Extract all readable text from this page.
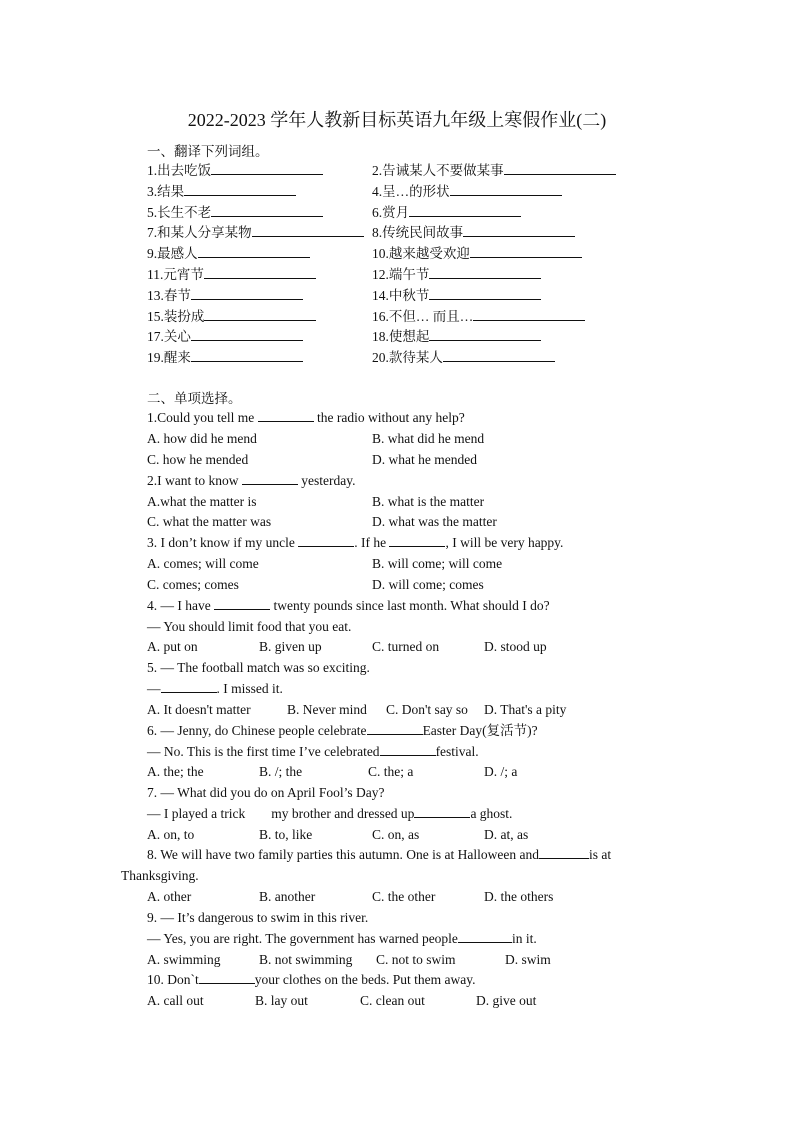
2022-2023 学年人教新目标英语九年级上寒假作业(二)
一、翻译下列词组。
1.出去吃饭	2.告诫某人不要做某事
3.结果	4.呈…的形状
5.长生不老	6.赏月
7.和某人分享某物	8.传统民间故事
9.最感人	10.越来越受欢迎
11.元宵节	12.端午节
13.春节	14.中秋节
15.装扮成	16.不但… 而且…
17.关心	18.使想起
19.醒来	20.款待某人
二、单项选择。
1.Could you tell me	the radio without any help?
A. how did he mend	B. what did he mend
C. how he mended	D. what he mended
2.I want to know	yesterday.
A.what the matter is	B. what is the matter
C. what the matter was	D. what was the matter
3. I don’t know if my uncle	. If he	, I will be very happy.
A. comes; will come	B. will come; will come
C. comes; comes	D. will come; comes
4. — I have	twenty pounds since last month. What should I do?
— You should limit food that you eat.
A. put on	B. given up	C. turned on	D. stood up
5. — The football match was so exciting.
—	. I missed it.
A. It doesn't matter	B. Never mind C. Don't say so D. That's a pity
6. — Jenny, do Chinese people celebrate	Easter Day(复活节)?
— No. This is the first time I’ve celebrated	festival.
A. the; the	B. /; the	C. the; a	D. /; a
7. — What did you do on April Fool’s Day?
— I played a trick my brother and dressed up	a ghost.
A. on, to	B. to, like	C. on, as	D. at, as
8. We will have two family parties this autumn. One is at Halloween and	is at
Thanksgiving.
A. other	B. another	C. the other	D. the others
9. — It’s dangerous to swim in this river.
— Yes, you are right. The government has warned people	in it.
A. swimming	B. not swimming C. not to swim	D. swim
10. Don`t	your clothes on the beds. Put them away.
A. call out	B. lay out	C. clean out	D. give out
